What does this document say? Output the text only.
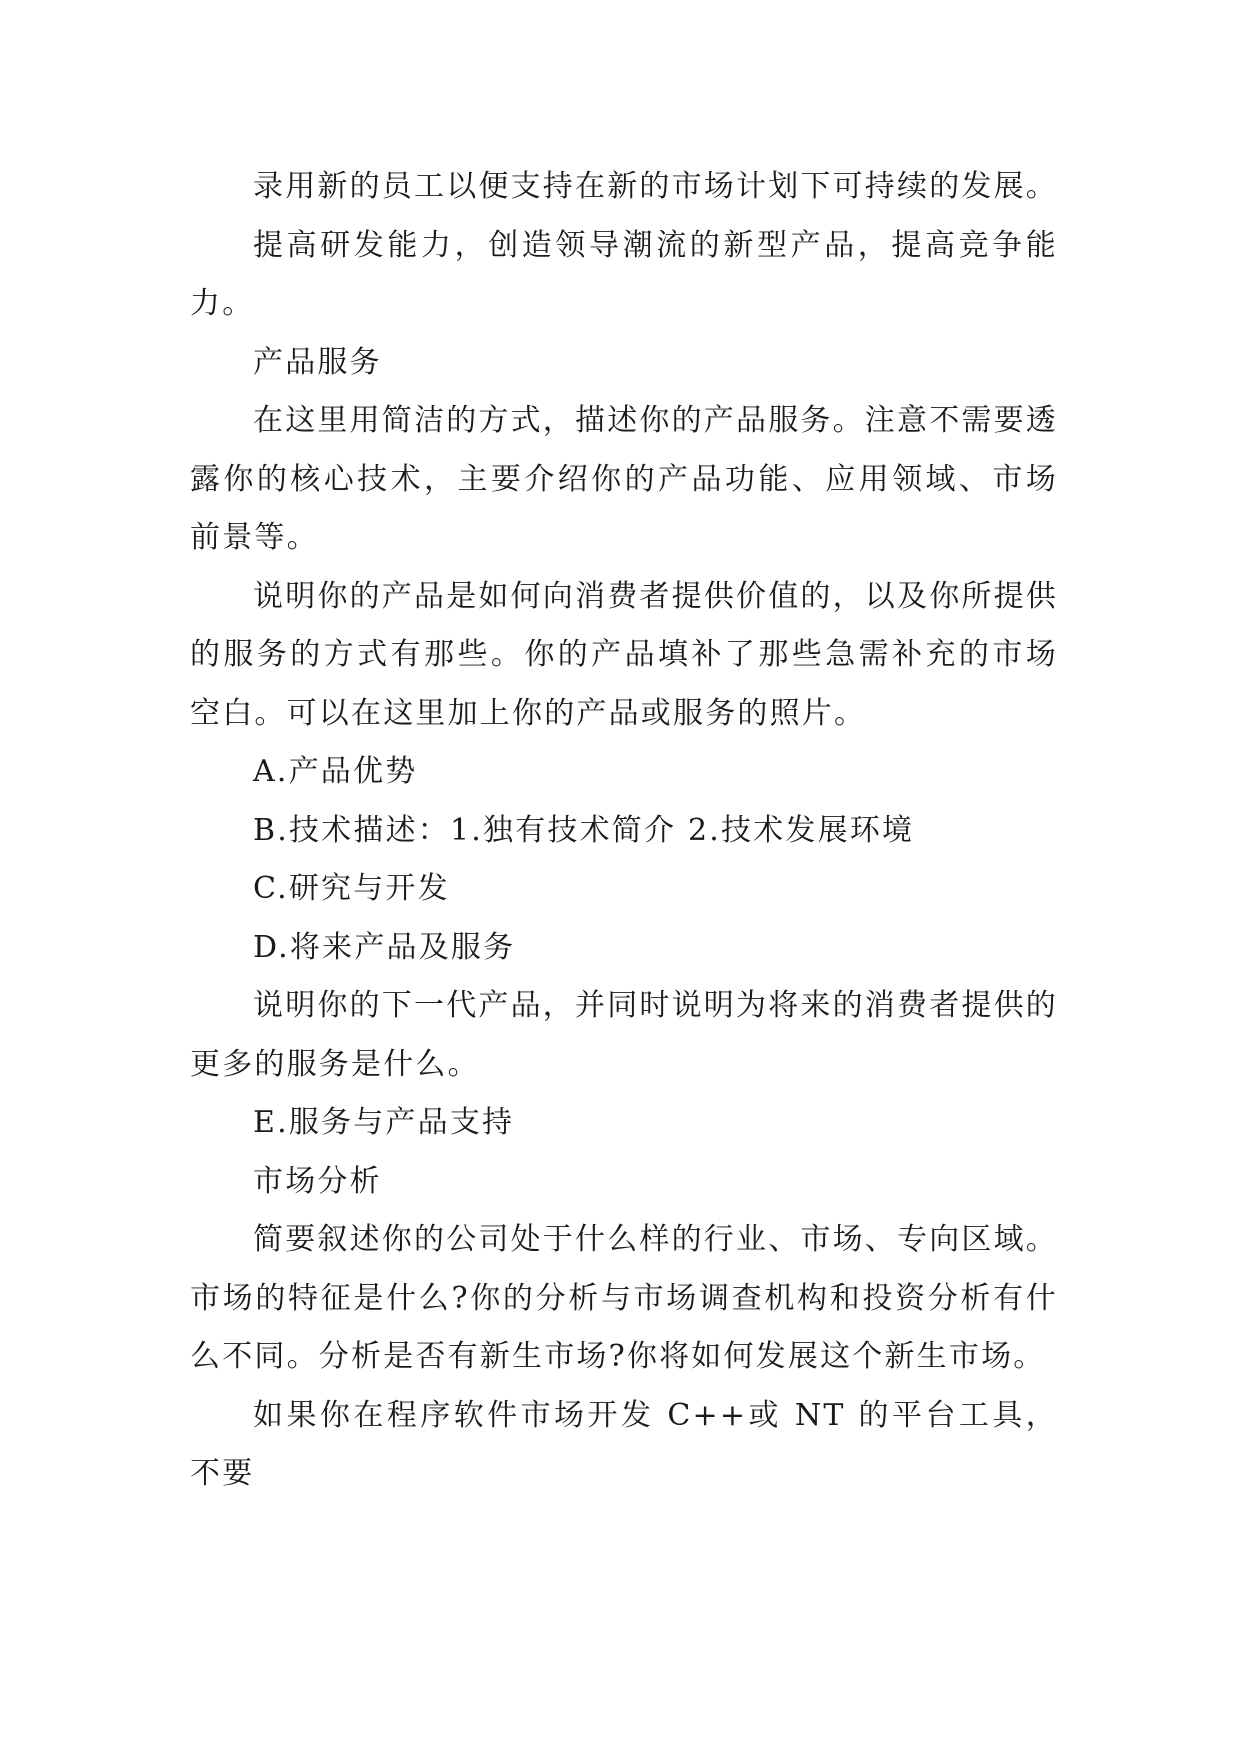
录用新的员工以便支持在新的市场计划下可持续的发展。

提高研发能力，创造领导潮流的新型产品，提高竞争能力。

产品服务

在这里用简洁的方式，描述你的产品服务。注意不需要透露你的核心技术，主要介绍你的产品功能、应用领域、市场前景等。

说明你的产品是如何向消费者提供价值的，以及你所提供的服务的方式有那些。你的产品填补了那些急需补充的市场空白。可以在这里加上你的产品或服务的照片。

A.产品优势

B.技术描述：1.独有技术简介 2.技术发展环境

C.研究与开发

D.将来产品及服务

说明你的下一代产品，并同时说明为将来的消费者提供的更多的服务是什么。

E.服务与产品支持

市场分析

简要叙述你的公司处于什么样的行业、市场、专向区域。市场的特征是什么?你的分析与市场调查机构和投资分析有什么不同。分析是否有新生市场?你将如何发展这个新生市场。

如果你在程序软件市场开发 C++或 NT 的平台工具，不要
